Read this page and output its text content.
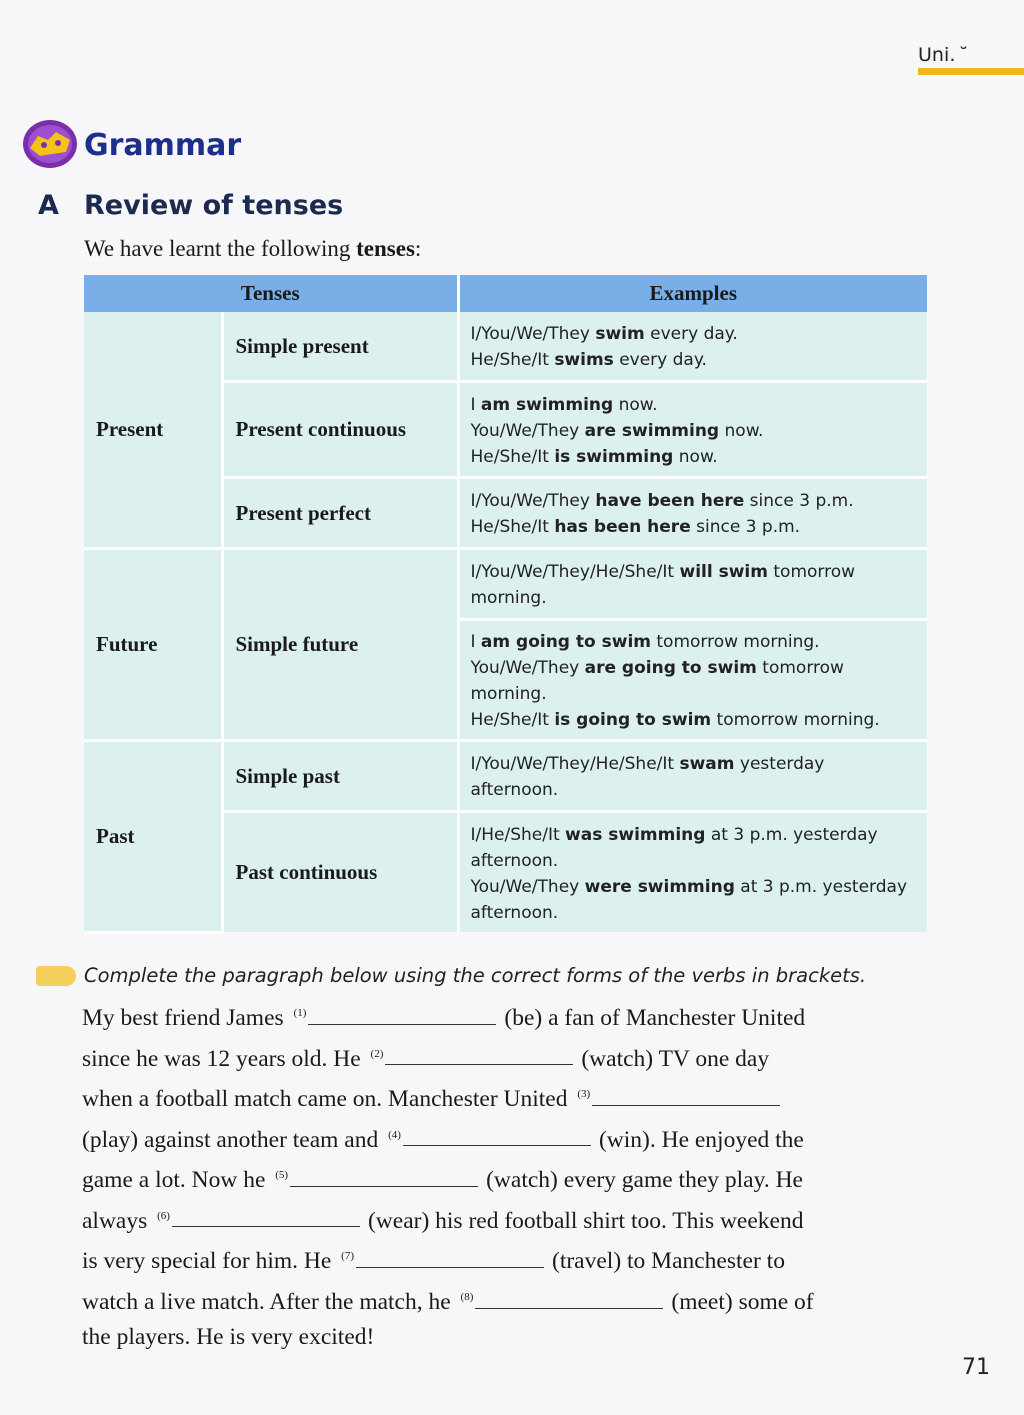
Uni․ ˘
Grammar
A Review of tenses
We have learnt the following tenses:
Tenses		Examples

Present	Simple present	I/You/We/They swim every day.
He/She/It swims every day.

	Present continuous	I am swimming now.
You/We/They are swimming now.
He/She/It is swimming now.

	Present perfect	I/You/We/They have been here since 3 p.m.
He/She/It has been here since 3 p.m.

Future	Simple future	I/You/We/They/He/She/It will swim tomorrow morning.

		I am going to swim tomorrow morning.
You/We/They are going to swim tomorrow morning.
He/She/It is going to swim tomorrow morning.

Past	Simple past	I/You/We/They/He/She/It swam yesterday afternoon.

	Past continuous	I/He/She/It was swimming at 3 p.m. yesterday afternoon.
You/We/They were swimming at 3 p.m. yesterday afternoon.
Complete the paragraph below using the correct forms of the verbs in brackets.
My best friend James $^{(1)}$	(be) a fan of Manchester United
since he was 12 years old. He $^{(2)}$	(watch) TV one day
when a football match came on. Manchester United $^{(3)}$
(play) against another team and $^{(4)}$	(win). He enjoyed the
game a lot. Now he $^{(5)}$	(watch) every game they play. He
always $^{(6)}$	(wear) his red football shirt too. This weekend
is very special for him. He $^{(7)}$	(travel) to Manchester to
watch a live match. After the match, he $^{(8)}$	(meet) some of
the players. He is very excited!
71
